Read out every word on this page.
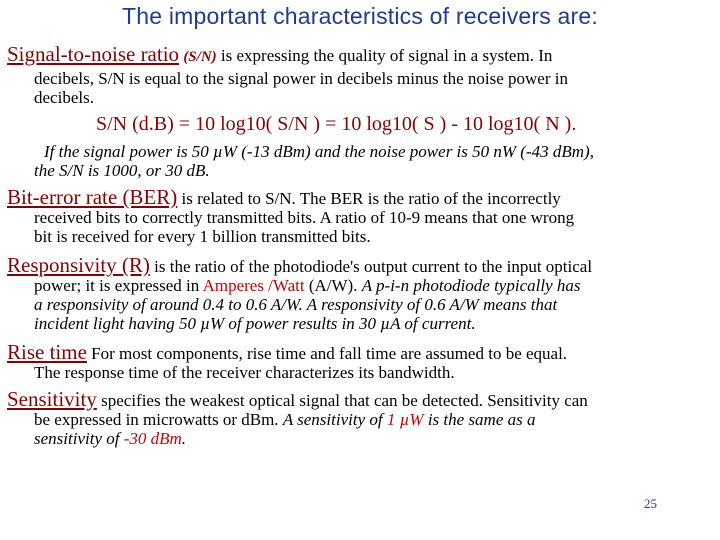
The important characteristics of receivers are:
Signal-to-noise ratio (S/N) is expressing the quality of signal in a system. In
decibels, S/N is equal to the signal power in decibels minus the noise power in
decibels.
S/N (d.B) = 10 log10( S/N ) = 10 log10( S ) - 10 log10( N ).
If the signal power is 50 µW (-13 dBm) and the noise power is 50 nW (-43 dBm),
the S/N is 1000, or 30 dB.
Bit-error rate (BER) is related to S/N. The BER is the ratio of the incorrectly
received bits to correctly transmitted bits. A ratio of 10-9 means that one wrong
bit is received for every 1 billion transmitted bits.
Responsivity (R) is the ratio of the photodiode's output current to the input optical
power; it is expressed in Amperes /Watt (A/W). A p-i-n photodiode typically has
a responsivity of around 0.4 to 0.6 A/W. A responsivity of 0.6 A/W means that
incident light having 50 µW of power results in 30 µA of current.
Rise time For most components, rise time and fall time are assumed to be equal.
The response time of the receiver characterizes its bandwidth.
Sensitivity specifies the weakest optical signal that can be detected. Sensitivity can
be expressed in microwatts or dBm. A sensitivity of 1 µW is the same as a
sensitivity of -30 dBm.
25
